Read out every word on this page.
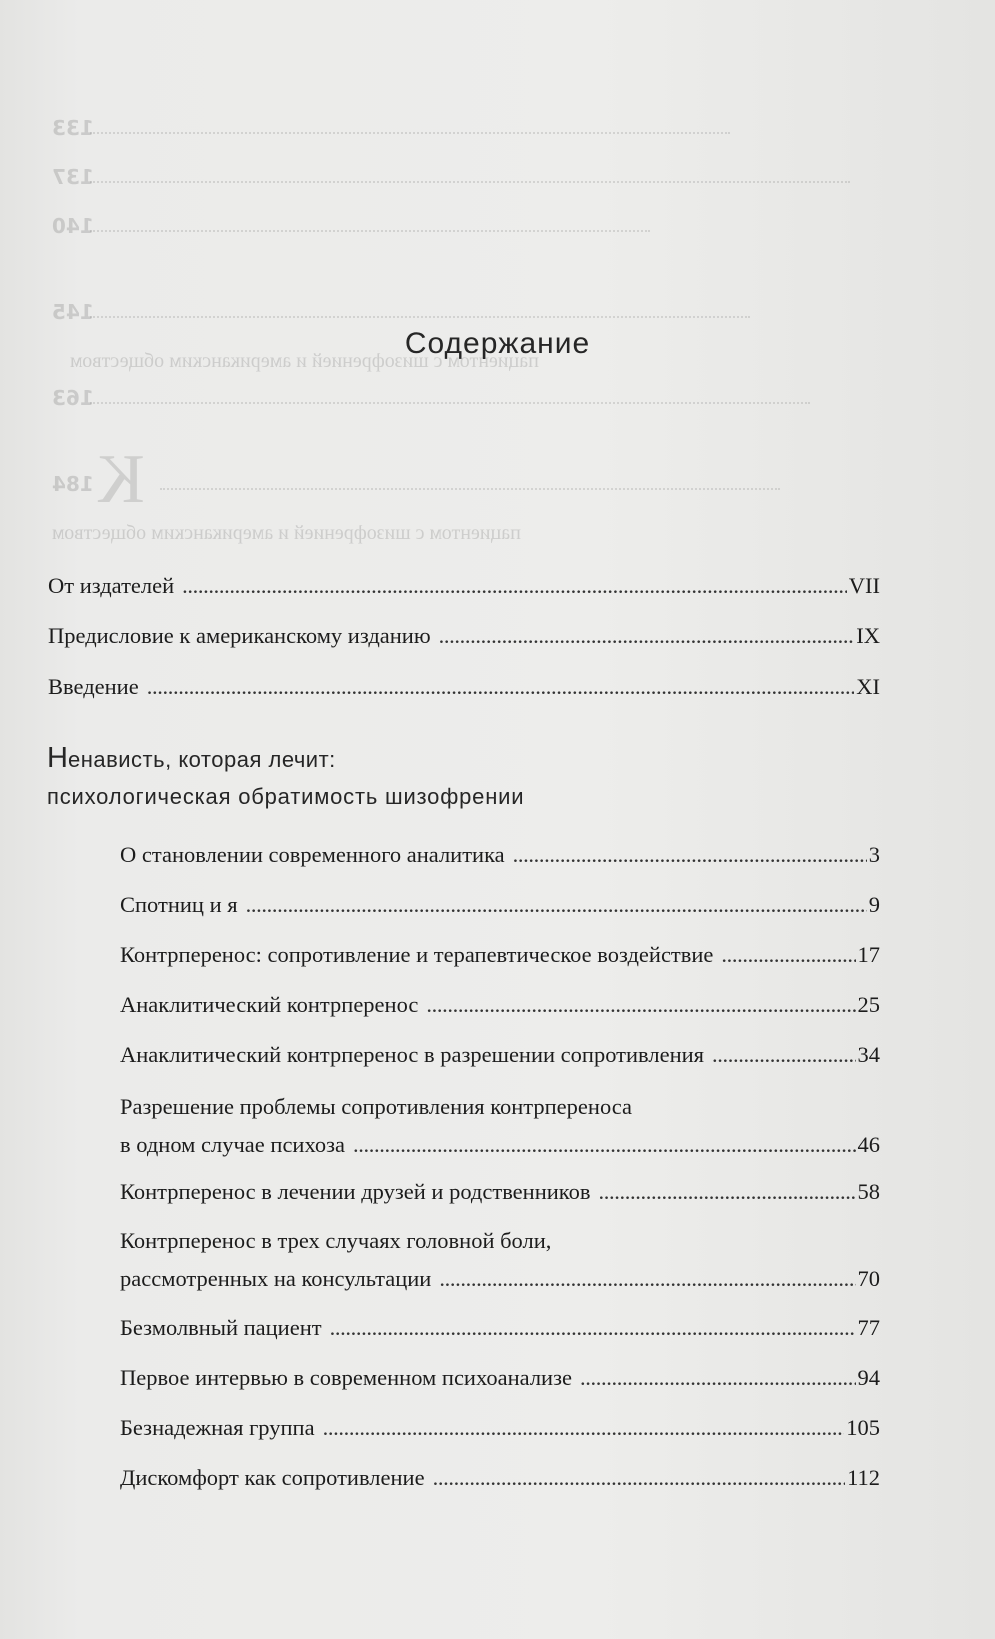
133
137
140
145
пациентом с шизофренией и американским обществом
163
К
184
пациентом с шизофренией и американским обществом
Содержание
От издателей . . .	VII
Предисловие к американскому изданию . . .	IX
Введение . . .	XI
Ненависть, которая лечит:
психологическая обратимость шизофрении
О становлении современного аналитика . . .	3
Спотниц и я . . .	9
Контрперенос: сопротивление и терапевтическое воздействие . . .	17
Анаклитический контрперенос . . .	25
Анаклитический контрперенос в разрешении сопротивления . . .	34
Разрешение проблемы сопротивления контрпереноса
в одном случае психоза . . .	46
Контрперенос в лечении друзей и родственников . . .	58
Контрперенос в трех случаях головной боли,
рассмотренных на консультации . . .	70
Безмолвный пациент . . .	77
Первое интервью в современном психоанализе . . .	94
Безнадежная группа . . .	105
Дискомфорт как сопротивление . . .	112
